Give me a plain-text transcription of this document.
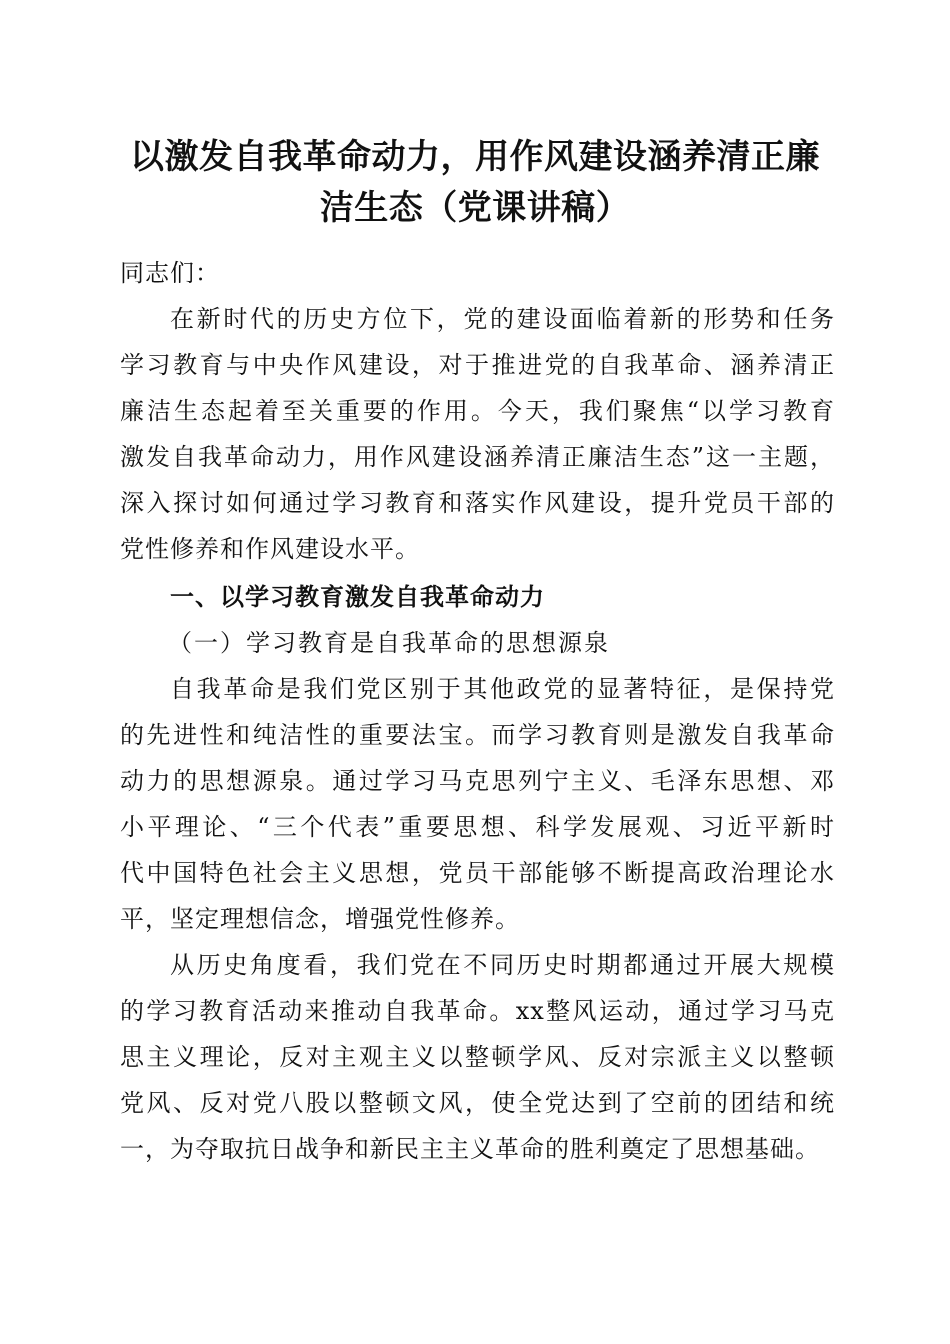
以激发自我革命动力，用作风建设涵养清正廉
洁生态（党课讲稿）
同志们：
在新时代的历史方位下，党的建设面临着新的形势和任务
学习教育与中央作风建设，对于推进党的自我革命、涵养清正
廉洁生态起着至关重要的作用。今天，我们聚焦“以学习教育
激发自我革命动力，用作风建设涵养清正廉洁生态”这一主题，
深入探讨如何通过学习教育和落实作风建设，提升党员干部的
党性修养和作风建设水平。
一、以学习教育激发自我革命动力
（一）学习教育是自我革命的思想源泉
自我革命是我们党区别于其他政党的显著特征，是保持党
的先进性和纯洁性的重要法宝。而学习教育则是激发自我革命
动力的思想源泉。通过学习马克思列宁主义、毛泽东思想、邓
小平理论、“三个代表”重要思想、科学发展观、习近平新时
代中国特色社会主义思想，党员干部能够不断提高政治理论水
平，坚定理想信念，增强党性修养。
从历史角度看，我们党在不同历史时期都通过开展大规模
的学习教育活动来推动自我革命。xx整风运动，通过学习马克
思主义理论，反对主观主义以整顿学风、反对宗派主义以整顿
党风、反对党八股以整顿文风，使全党达到了空前的团结和统
一，为夺取抗日战争和新民主主义革命的胜利奠定了思想基础。
